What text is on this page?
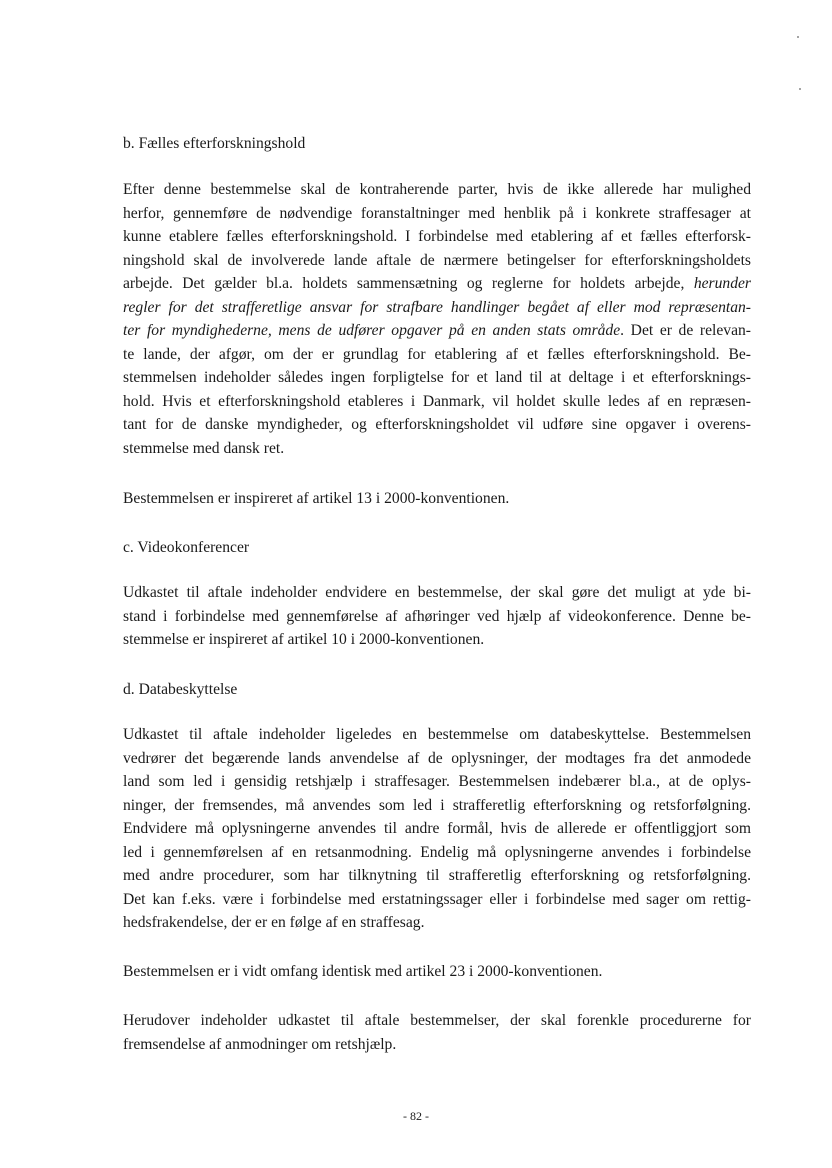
b. Fælles efterforskningshold
Efter denne bestemmelse skal de kontraherende parter, hvis de ikke allerede har mulighed
herfor, gennemføre de nødvendige foranstaltninger med henblik på i konkrete straffesager at
kunne etablere fælles efterforskningshold. I forbindelse med etablering af et fælles efterforsk-
ningshold skal de involverede lande aftale de nærmere betingelser for efterforskningsholdets
arbejde. Det gælder bl.a. holdets sammensætning og reglerne for holdets arbejde, herunder
regler for det strafferetlige ansvar for strafbare handlinger begået af eller mod repræsentan-
ter for myndighederne, mens de udfører opgaver på en anden stats område. Det er de relevan-
te lande, der afgør, om der er grundlag for etablering af et fælles efterforskningshold. Be-
stemmelsen indeholder således ingen forpligtelse for et land til at deltage i et efterforsknings-
hold. Hvis et efterforskningshold etableres i Danmark, vil holdet skulle ledes af en repræsen-
tant for de danske myndigheder, og efterforskningsholdet vil udføre sine opgaver i overens-
stemmelse med dansk ret.
Bestemmelsen er inspireret af artikel 13 i 2000-konventionen.
c. Videokonferencer
Udkastet til aftale indeholder endvidere en bestemmelse, der skal gøre det muligt at yde bi-
stand i forbindelse med gennemførelse af afhøringer ved hjælp af videokonference. Denne be-
stemmelse er inspireret af artikel 10 i 2000-konventionen.
d. Databeskyttelse
Udkastet til aftale indeholder ligeledes en bestemmelse om databeskyttelse. Bestemmelsen
vedrører det begærende lands anvendelse af de oplysninger, der modtages fra det anmodede
land som led i gensidig retshjælp i straffesager. Bestemmelsen indebærer bl.a., at de oplys-
ninger, der fremsendes, må anvendes som led i strafferetlig efterforskning og retsforfølgning.
Endvidere må oplysningerne anvendes til andre formål, hvis de allerede er offentliggjort som
led i gennemførelsen af en retsanmodning. Endelig må oplysningerne anvendes i forbindelse
med andre procedurer, som har tilknytning til strafferetlig efterforskning og retsforfølgning.
Det kan f.eks. være i forbindelse med erstatningssager eller i forbindelse med sager om rettig-
hedsfrakendelse, der er en følge af en straffesag.
Bestemmelsen er i vidt omfang identisk med artikel 23 i 2000-konventionen.
Herudover indeholder udkastet til aftale bestemmelser, der skal forenkle procedurerne for
fremsendelse af anmodninger om retshjælp.
- 82 -
